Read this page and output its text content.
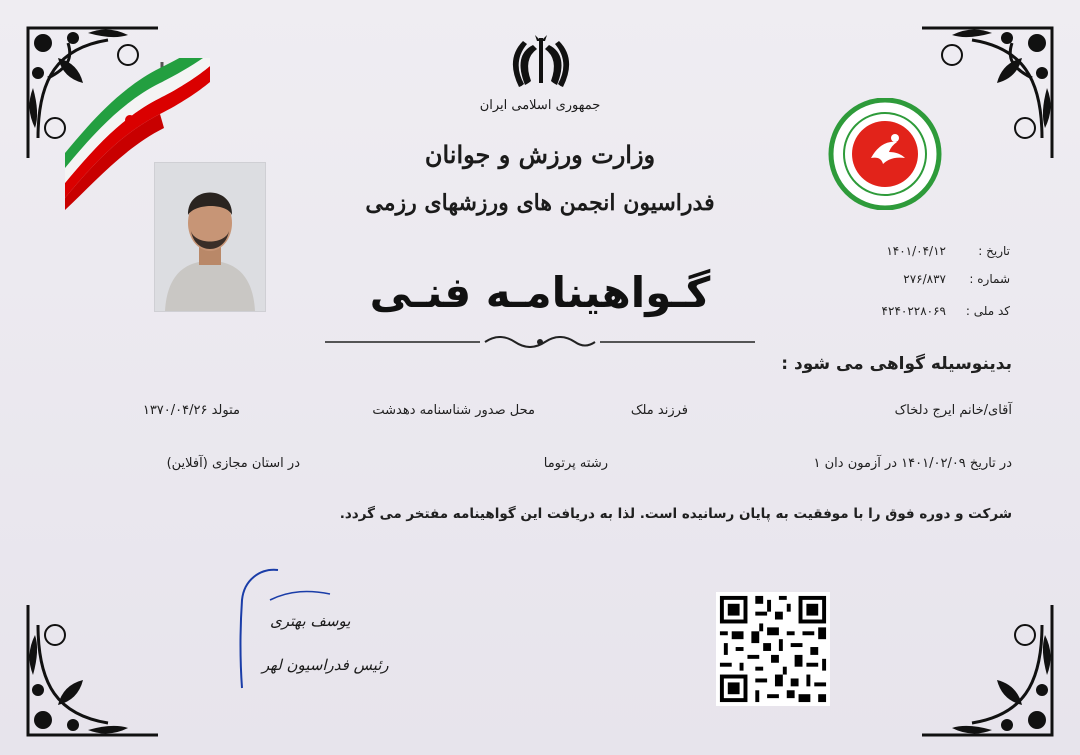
جمهوری اسلامی ایران
وزارت ورزش و جوانان
فدراسیون انجمن های ورزشهای رزمی
تاریخ :۱۴۰۱/۰۴/۱۲
شماره :۲۷۶/۸۳۷
کد ملی :۴۲۴۰۲۲۸۰۶۹
گـواهینامـه فنـی
بدینوسیله گواهی می شود :
آقای/خانم ایرج دلخاک
فرزند ملک
محل صدور شناسنامه دهدشت
متولد ۱۳۷۰/۰۴/۲۶
در تاریخ ۱۴۰۱/۰۲/۰۹ در آزمون دان ۱
رشته پرتوما
در استان مجازی (آفلاین)
شرکت و دوره فوق را با موفقیت به پایان رسانیده است. لذا به دریافت این گواهینامه مفتخر می گردد.
یوسف بهتری
رئیس فدراسیون لهر
